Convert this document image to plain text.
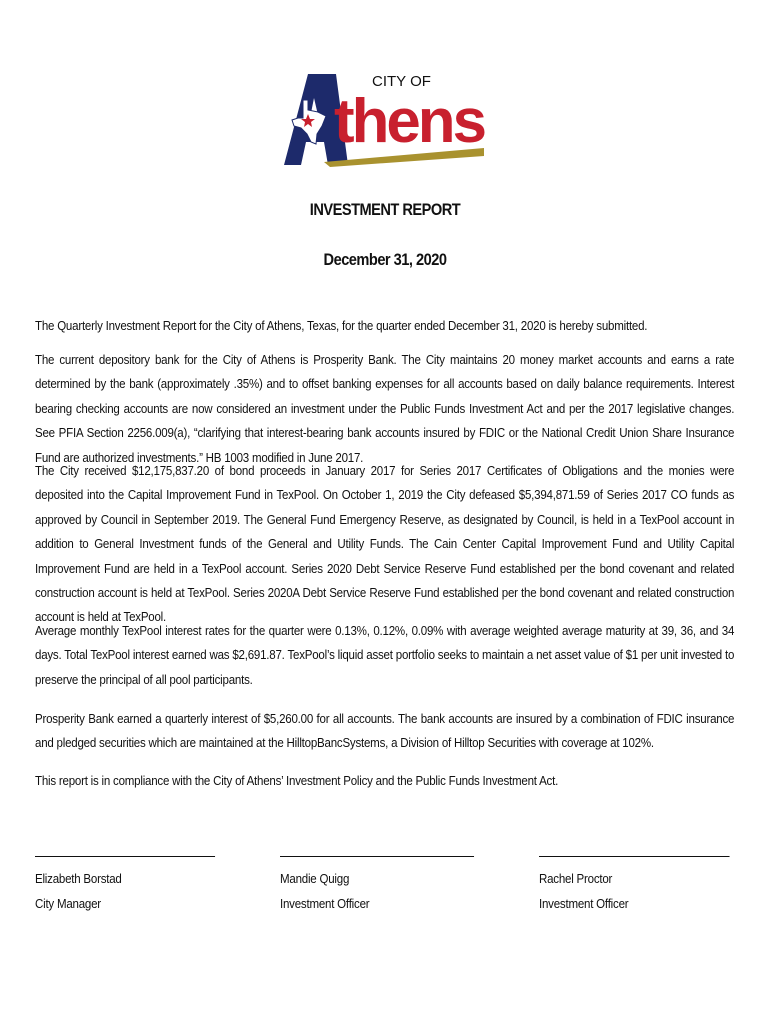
CITY OF
thens
INVESTMENT REPORT
December 31, 2020

The Quarterly Investment Report for the City of Athens, Texas, for the quarter ended December 31, 2020 is hereby submitted.

The current depository bank for the City of Athens is Prosperity Bank. The City maintains 20 money market accounts and earns a rate determined by the bank (approximately .35%) and to offset banking expenses for all accounts based on daily balance requirements. Interest bearing checking accounts are now considered an investment under the Public Funds Investment Act and per the 2017 legislative changes. See PFIA Section 2256.009(a), “clarifying that interest-bearing bank accounts insured by FDIC or the National Credit Union Share Insurance Fund are authorized investments.” HB 1003 modified in June 2017.

The City received $12,175,837.20 of bond proceeds in January 2017 for Series 2017 Certificates of Obligations and the monies were deposited into the Capital Improvement Fund in TexPool. On October 1, 2019 the City defeased $5,394,871.59 of Series 2017 CO funds as approved by Council in September 2019. The General Fund Emergency Reserve, as designated by Council, is held in a TexPool account in addition to General Investment funds of the General and Utility Funds. The Cain Center Capital Improvement Fund and Utility Capital Improvement Fund are held in a TexPool account. Series 2020 Debt Service Reserve Fund established per the bond covenant and related construction account is held at TexPool. Series 2020A Debt Service Reserve Fund established per the bond covenant and related construction account is held at TexPool.

Average monthly TexPool interest rates for the quarter were 0.13%, 0.12%, 0.09% with average weighted average maturity at 39, 36, and 34 days. Total TexPool interest earned was $2,691.87. TexPool’s liquid asset portfolio seeks to maintain a net asset value of $1 per unit invested to preserve the principal of all pool participants.

Prosperity Bank earned a quarterly interest of $5,260.00 for all accounts. The bank accounts are insured by a combination of FDIC insurance and pledged securities which are maintained at the HilltopBancSystems, a Division of Hilltop Securities with coverage at 102%.

This report is in compliance with the City of Athens’ Investment Policy and the Public Funds Investment Act.

Elizabeth Borstad
City Manager
Mandie Quigg
Investment Officer
Rachel Proctor
Investment Officer
